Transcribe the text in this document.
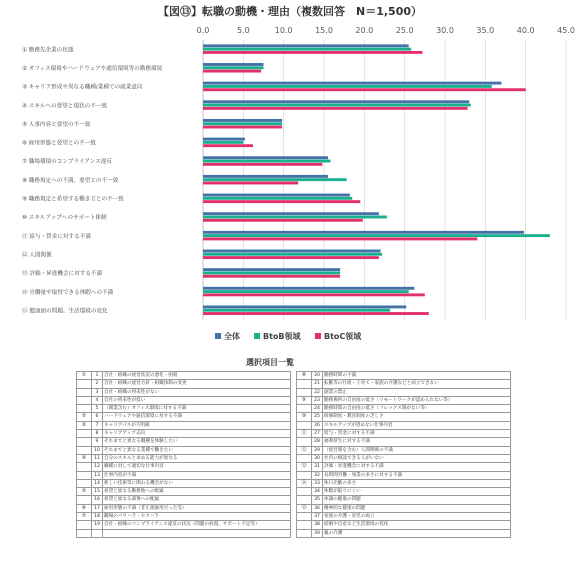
【図⑬】転職の動機・理由（複数回答　N＝1,500）
0.0	5.0	10.0	15.0	20.0	25.0	30.0	35.0	40.0	45.0
① 勤務先企業の状態
② オフィス環境やハードウェアや通信環境等の勤務環境
③ キャリア形成や異なる職種/業種での就業意向
④ スキルへの要望と現状の不一致
⑤ 人事内容と要望の不一致
⑥ 雇用形態と要望との不一致
⑦ 職場環境のコンプライアンス違反
⑧ 職務規定への不満、要望との不一致
⑨ 職務規定と希望する働き方との不一致
⑩ スキルアップへのサポート体制
⑪ 給与・賃金に対する不満
⑫ 人間関係
⑬ 評価・昇進機会に対する不満
⑭ 労働量や取得できる休暇への不満
⑮ 健康面の問題、生活環境の変化
全体	BtoB領域	BtoC領域
選択項目一覧
①	1	自社・組織の経営状況の悪化・困窮		⑧	20	勤務時間の不満
	2	自社・組織の経営方針・組織体制の変更			21	転勤等の仕組・子育て・家族の介護などと両立できない
	3	自社・組織の将来性がない			22	副業の禁止
	4	自社の将来性が低い		⑨	23	勤務場所の自由度の低さ（リモートワークが認められない等）
	5	（開業含む）オフィス環境に対する不満			24	勤務時間の自由度の低さ（フレックス制がない等）
②	6	ハードウェアや通信環境に対する不満		⑩	25	研修制度・教育制度の乏しさ
③	7	キャリアパスが不明確			26	スキルアップが望めない仕事内容
	8	キャリアアップ志向		⑪	27	給与・賃金に対する不満
	9	それまでと異なる職種を体験したい			28	福利厚生に対する不満
	10	それまでと異なる業種で働きたい		⑫	29	（経営層を含む）人間関係の不満
④	11	自分のスキルと求める能力が異なる			30	社内に相談できる人がいない
	12	職種に対して適切な仕事内容		⑬	31	評価・昇進機会に対する不満
	13	仕事内容が不満			32	長時間労働・残業の多さに対する不満
	14	新しい技術等に関わる機会がない		⑭	33	休日出勤の多さ
⑤	15	希望と異なる勤務地への配属			34	休暇が取りにくい
	16	希望と異なる部署への配属			35	体調の健康の問題
⑥	17	雇用形態の不満（非正規雇用だった等）		⑮	36	精神的な健康の問題
⑦	18	職場のパワハラ・セクハラ			37	家族の介護・育児の両立
	19	自社・組織のコンプライアンス違反の状況（問題の放置、サポート不足等）			38	結婚や出産など生活環境の変化
					39	親の介護
